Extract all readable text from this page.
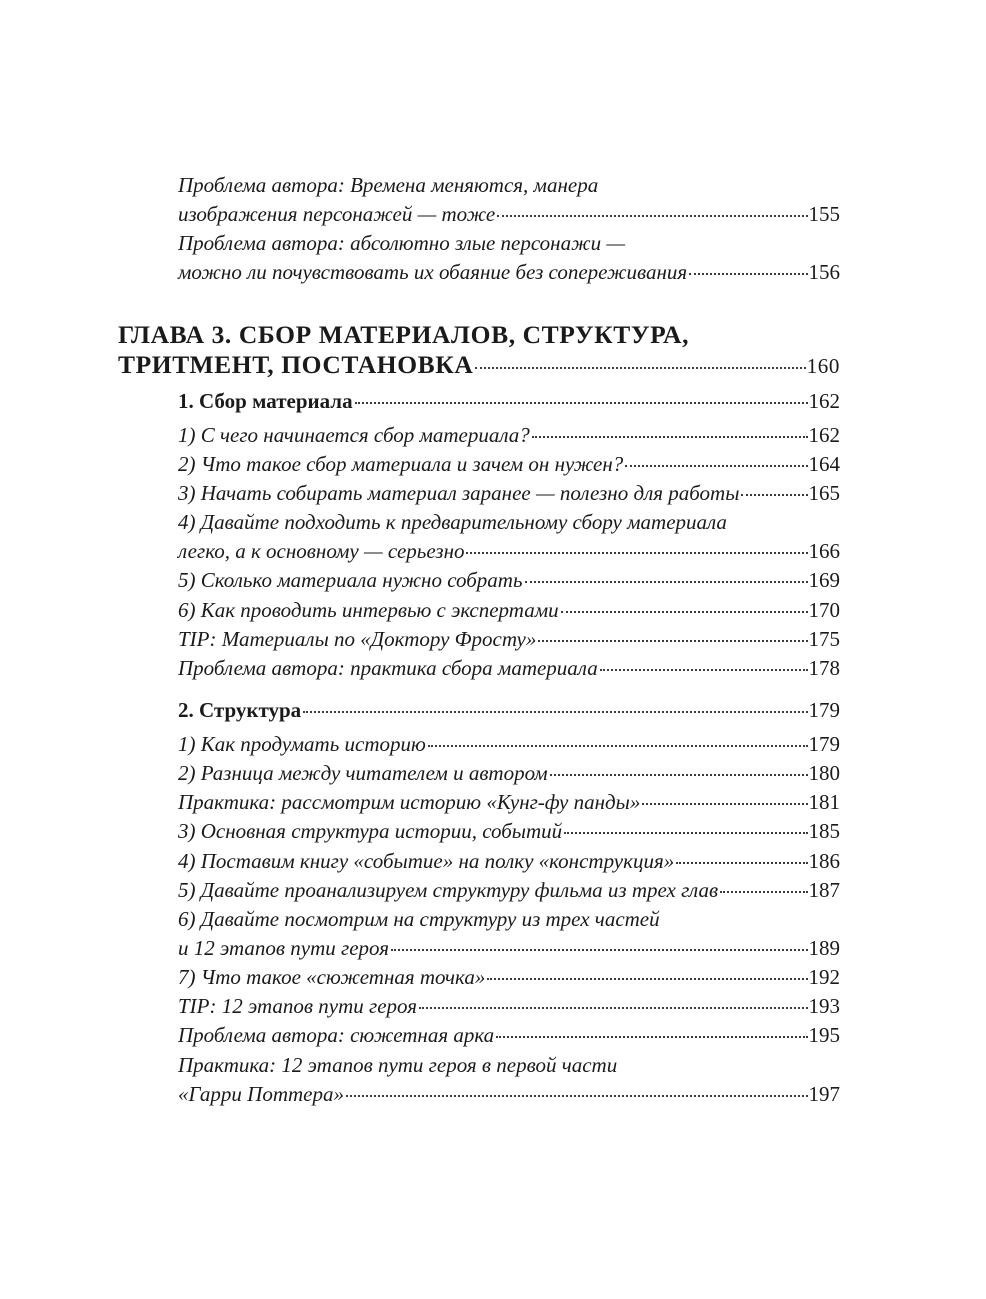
Проблема автора: Времена меняются, манера
изображения персонажей — тоже	155
Проблема автора: абсолютно злые персонажи —
можно ли почувствовать их обаяние без сопереживания	156
ГЛАВА 3. СБОР МАТЕРИАЛОВ, СТРУКТУРА,
ТРИТМЕНТ, ПОСТАНОВКА	160
1. Сбор материала	162
1) С чего начинается сбор материала?	162
2) Что такое сбор материала и зачем он нужен?	164
3) Начать собирать материал заранее — полезно для работы	165
4) Давайте подходить к предварительному сбору материала
легко, а к основному — серьезно	166
5) Сколько материала нужно собрать	169
6) Как проводить интервью с экспертами	170
TIP: Материалы по «Доктору Фросту»	175
Проблема автора: практика сбора материала	178
2. Структура	179
1) Как продумать историю	179
2) Разница между читателем и автором	180
Практика: рассмотрим историю «Кунг-фу панды»	181
3) Основная структура истории, событий	185
4) Поставим книгу «событие» на полку «конструкция»	186
5) Давайте проанализируем структуру фильма из трех глав	187
6) Давайте посмотрим на структуру из трех частей
и 12 этапов пути героя	189
7) Что такое «сюжетная точка»	192
TIP: 12 этапов пути героя	193
Проблема автора: сюжетная арка	195
Практика: 12 этапов пути героя в первой части
«Гарри Поттера»	197
